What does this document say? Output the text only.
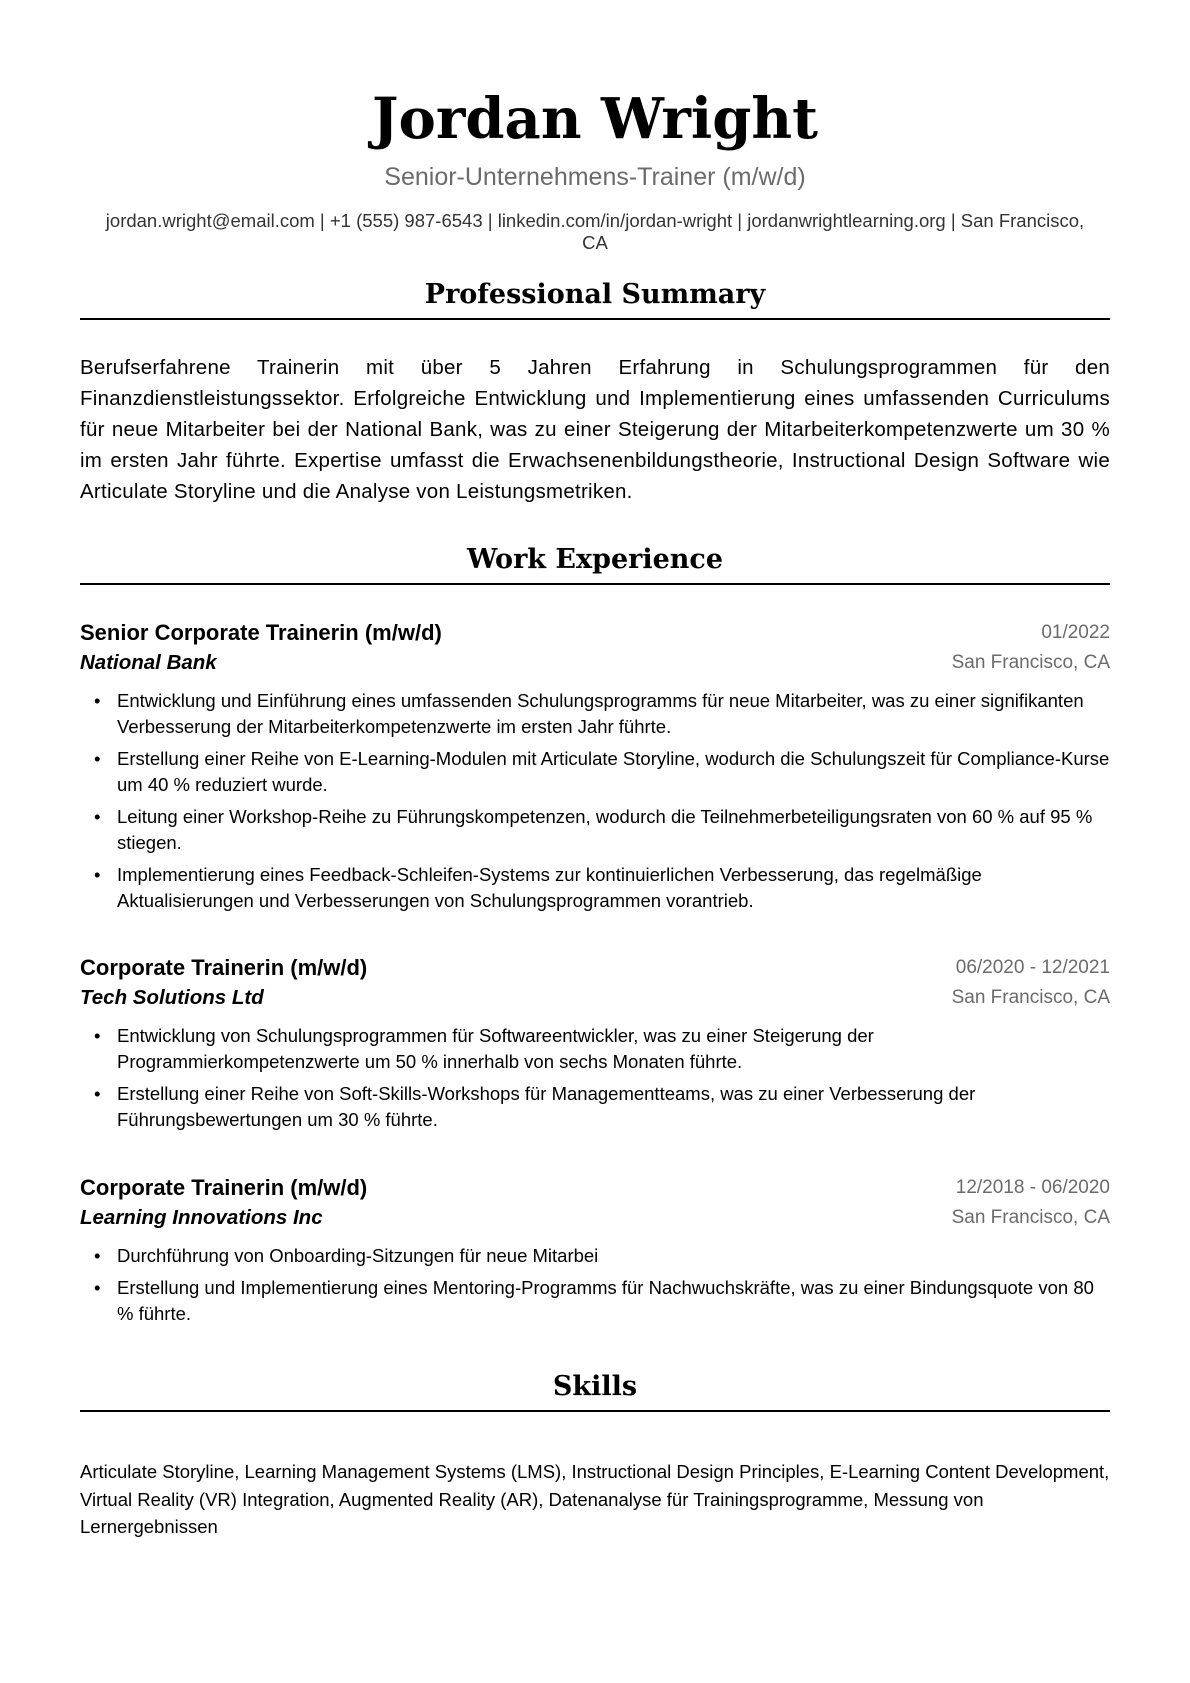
Jordan Wright
Senior-Unternehmens-Trainer (m/w/d)
jordan.wright@email.com | +1 (555) 987-6543 | linkedin.com/in/jordan-wright | jordanwrightlearning.org | San Francisco, CA
Professional Summary
Berufserfahrene Trainerin mit über 5 Jahren Erfahrung in Schulungsprogrammen für den Finanzdienstleistungssektor. Erfolgreiche Entwicklung und Implementierung eines umfassenden Curriculums für neue Mitarbeiter bei der National Bank, was zu einer Steigerung der Mitarbeiterkompetenzwerte um 30 % im ersten Jahr führte. Expertise umfasst die Erwachsenenbildungstheorie, Instructional Design Software wie Articulate Storyline und die Analyse von Leistungsmetriken.
Work Experience
Senior Corporate Trainerin (m/w/d)	01/2022
National Bank	San Francisco, CA
• Entwicklung und Einführung eines umfassenden Schulungsprogramms für neue Mitarbeiter, was zu einer signifikanten Verbesserung der Mitarbeiterkompetenzwerte im ersten Jahr führte.
• Erstellung einer Reihe von E-Learning-Modulen mit Articulate Storyline, wodurch die Schulungszeit für Compliance-Kurse um 40 % reduziert wurde.
• Leitung einer Workshop-Reihe zu Führungskompetenzen, wodurch die Teilnehmerbeteiligungsraten von 60 % auf 95 % stiegen.
• Implementierung eines Feedback-Schleifen-Systems zur kontinuierlichen Verbesserung, das regelmäßige Aktualisierungen und Verbesserungen von Schulungsprogrammen vorantrieb.
Corporate Trainerin (m/w/d)	06/2020 - 12/2021
Tech Solutions Ltd	San Francisco, CA
• Entwicklung von Schulungsprogrammen für Softwareentwickler, was zu einer Steigerung der Programmierkompetenzwerte um 50 % innerhalb von sechs Monaten führte.
• Erstellung einer Reihe von Soft-Skills-Workshops für Managementteams, was zu einer Verbesserung der Führungsbewertungen um 30 % führte.
Corporate Trainerin (m/w/d)	12/2018 - 06/2020
Learning Innovations Inc	San Francisco, CA
• Durchführung von Onboarding-Sitzungen für neue Mitarbei
• Erstellung und Implementierung eines Mentoring-Programms für Nachwuchskräfte, was zu einer Bindungsquote von 80 % führte.
Skills
Articulate Storyline, Learning Management Systems (LMS), Instructional Design Principles, E-Learning Content Development, Virtual Reality (VR) Integration, Augmented Reality (AR), Datenanalyse für Trainingsprogramme, Messung von Lernergebnissen
